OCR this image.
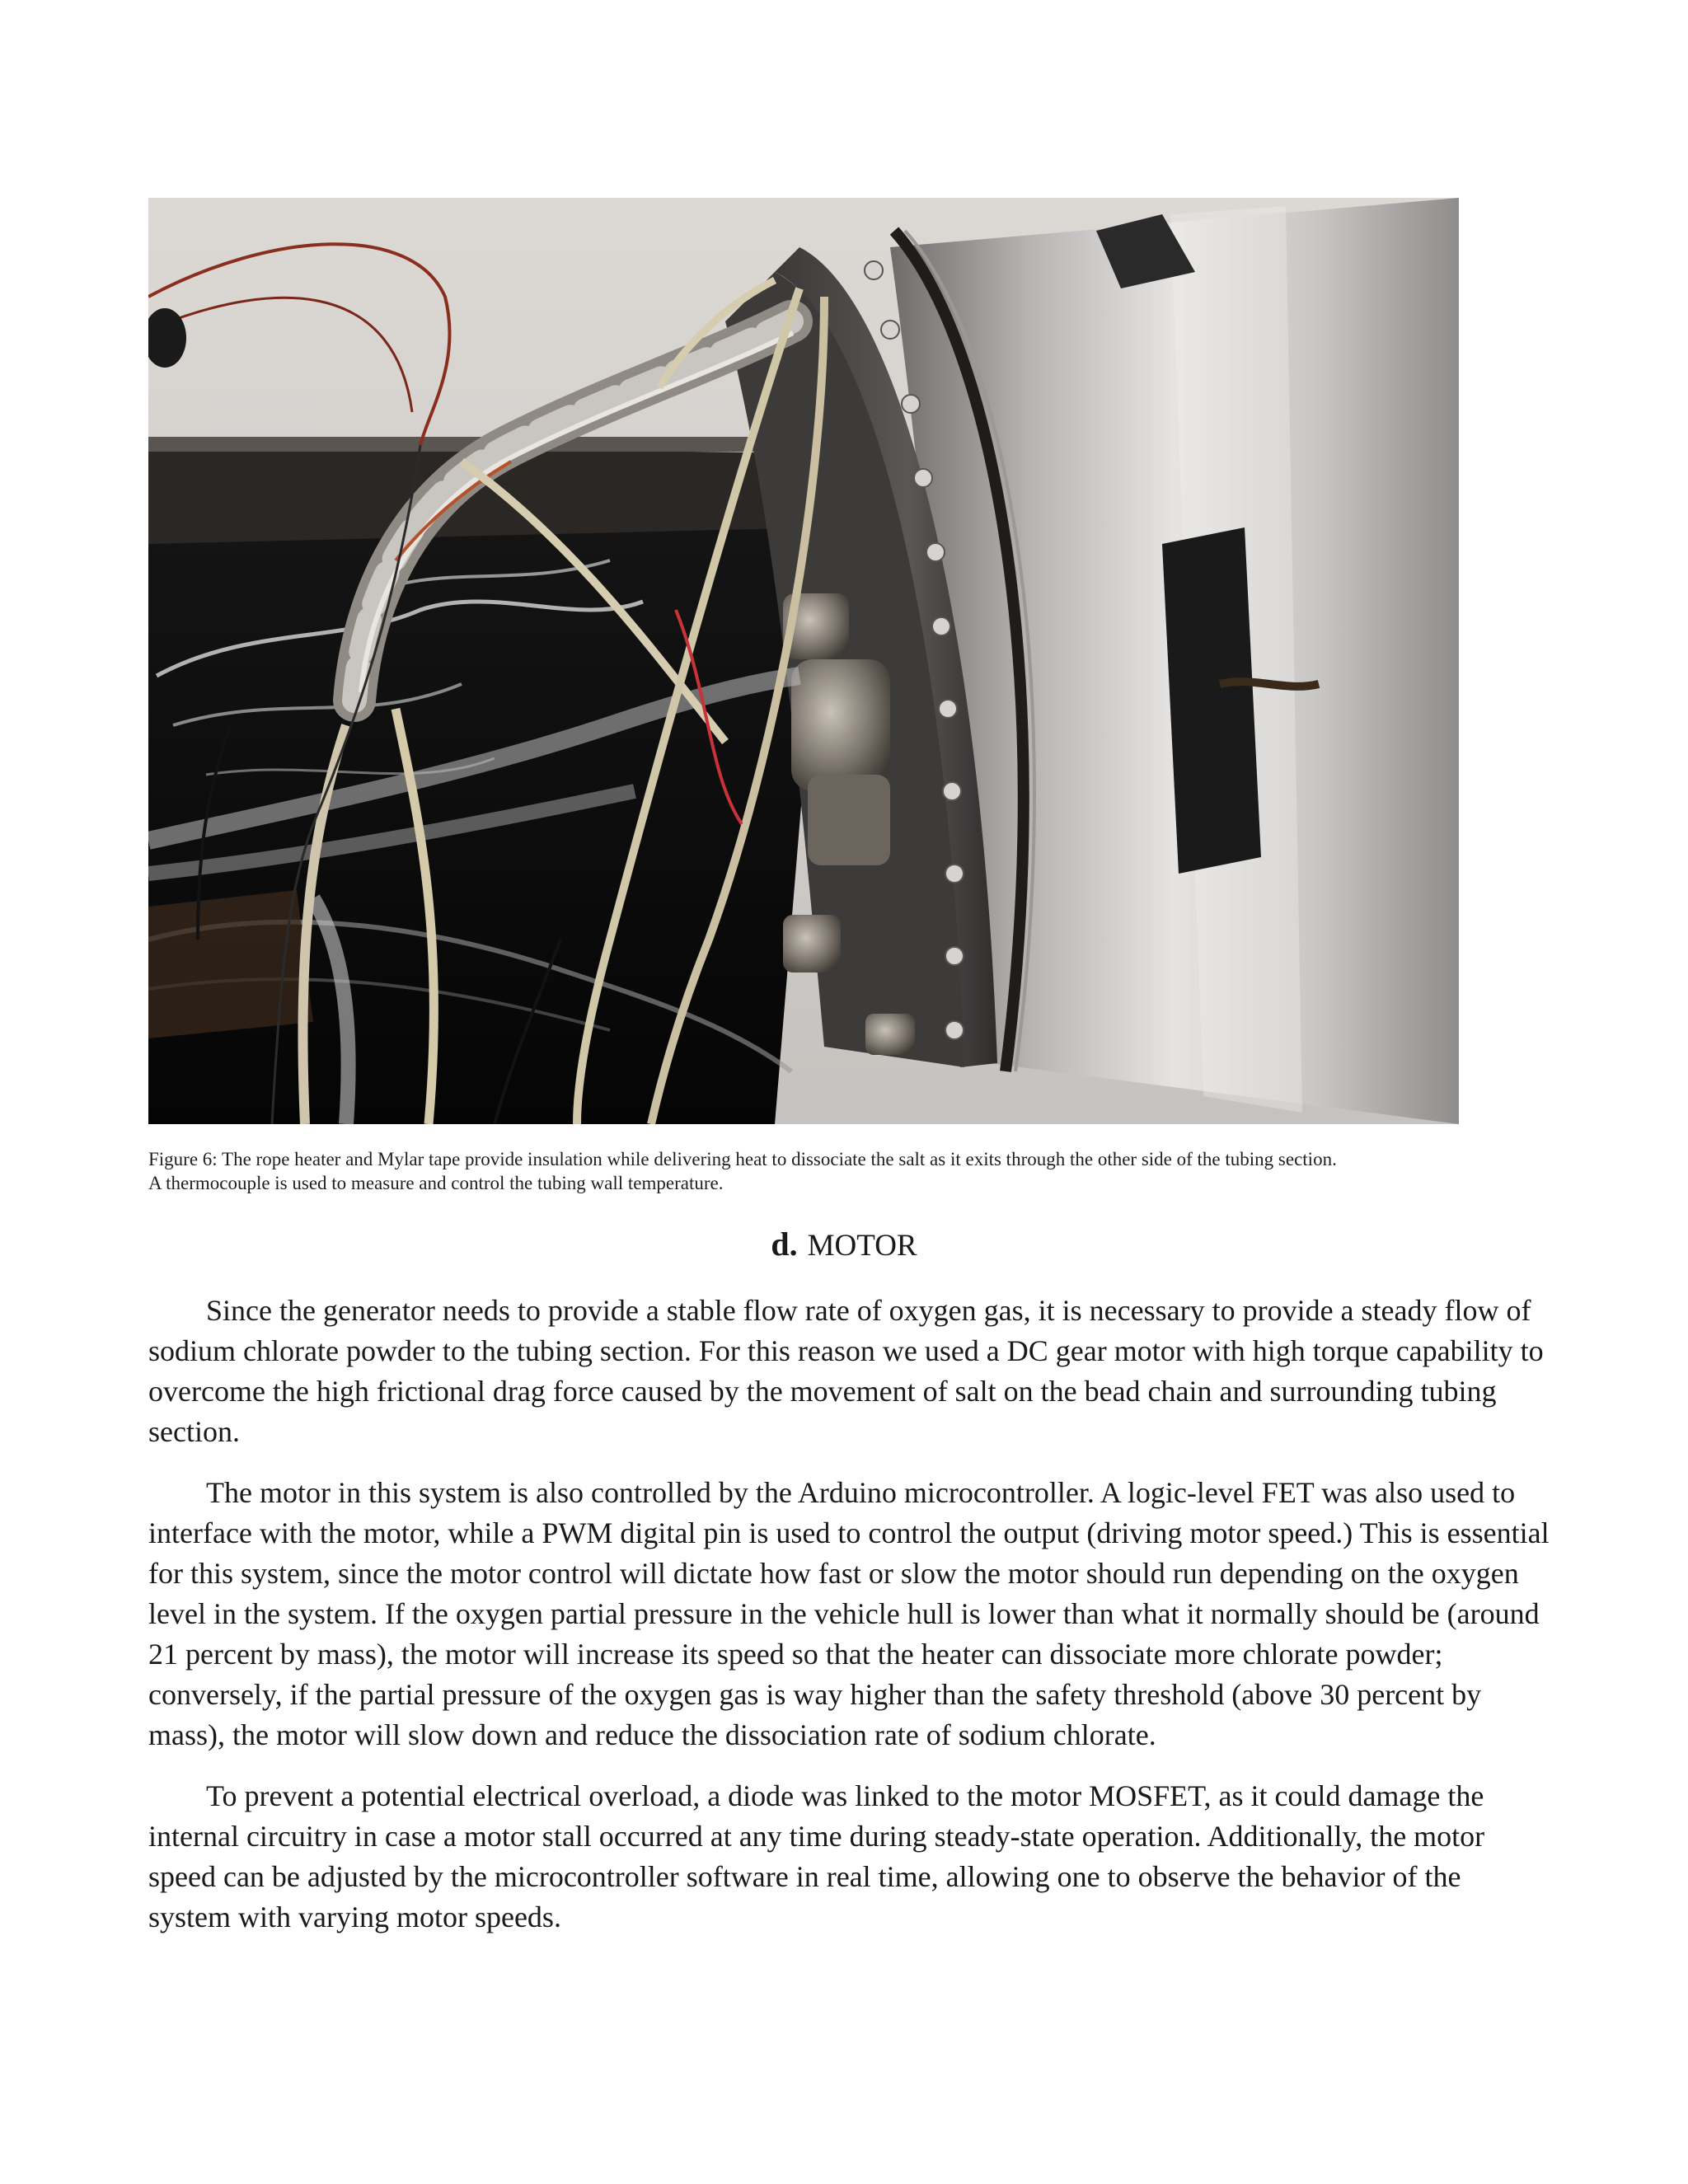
Figure 6: The rope heater and Mylar tape provide insulation while delivering heat to dissociate the salt as it exits through the other side of the tubing section.

A thermocouple is used to measure and control the tubing wall temperature.

d. MOTOR

Since the generator needs to provide a stable flow rate of oxygen gas, it is necessary to provide a steady flow of sodium chlorate powder to the tubing section. For this reason we used a DC gear motor with high torque capability to overcome the high frictional drag force caused by the movement of salt on the bead chain and surrounding tubing section.

The motor in this system is also controlled by the Arduino microcontroller. A logic-level FET was also used to interface with the motor, while a PWM digital pin is used to control the output (driving motor speed.) This is essential for this system, since the motor control will dictate how fast or slow the motor should run depending on the oxygen level in the system. If the oxygen partial pressure in the vehicle hull is lower than what it normally should be (around 21 percent by mass), the motor will increase its speed so that the heater can dissociate more chlorate powder; conversely, if the partial pressure of the oxygen gas is way higher than the safety threshold (above 30 percent by mass), the motor will slow down and reduce the dissociation rate of sodium chlorate.

To prevent a potential electrical overload, a diode was linked to the motor MOSFET, as it could damage the internal circuitry in case a motor stall occurred at any time during steady-state operation. Additionally, the motor speed can be adjusted by the microcontroller software in real time, allowing one to observe the behavior of the system with varying motor speeds.
